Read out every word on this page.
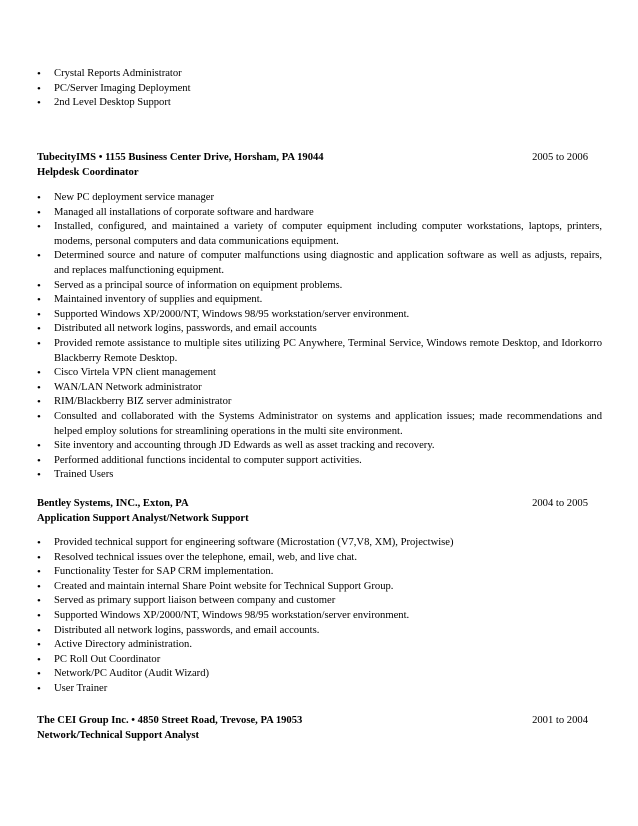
• Crystal Reports Administrator
• PC/Server Imaging Deployment
• 2nd Level Desktop Support
TubecityIMS • 1155 Business Center Drive, Horsham, PA 19044	2005 to 2006
Helpdesk Coordinator
• New PC deployment service manager
• Managed all installations of corporate software and hardware
• Installed, configured, and maintained a variety of computer equipment including computer workstations, laptops, printers, modems, personal computers and data communications equipment.
• Determined source and nature of computer malfunctions using diagnostic and application software as well as adjusts, repairs, and replaces malfunctioning equipment.
• Served as a principal source of information on equipment problems.
• Maintained inventory of supplies and equipment.
• Supported Windows XP/2000/NT, Windows 98/95 workstation/server environment.
• Distributed all network logins, passwords, and email accounts
• Provided remote assistance to multiple sites utilizing PC Anywhere, Terminal Service, Windows remote Desktop, and Idorkorro Blackberry Remote Desktop.
• Cisco Virtela VPN client management
• WAN/LAN Network administrator
• RIM/Blackberry BIZ server administrator
• Consulted and collaborated with the Systems Administrator on systems and application issues; made recommendations and helped employ solutions for streamlining operations in the multi site environment.
• Site inventory and accounting through JD Edwards as well as asset tracking and recovery.
• Performed additional functions incidental to computer support activities.
• Trained Users
Bentley Systems, INC., Exton, PA	2004 to 2005
Application Support Analyst/Network Support
• Provided technical support for engineering software (Microstation (V7,V8, XM), Projectwise)
• Resolved technical issues over the telephone, email, web, and live chat.
• Functionality Tester for SAP CRM implementation.
• Created and maintain internal Share Point website for Technical Support Group.
• Served as primary support liaison between company and customer
• Supported Windows XP/2000/NT, Windows 98/95 workstation/server environment.
• Distributed all network logins, passwords, and email accounts.
• Active Directory administration.
• PC Roll Out Coordinator
• Network/PC Auditor (Audit Wizard)
• User Trainer
The CEI Group Inc. • 4850 Street Road, Trevose, PA 19053	2001 to 2004
Network/Technical Support Analyst
